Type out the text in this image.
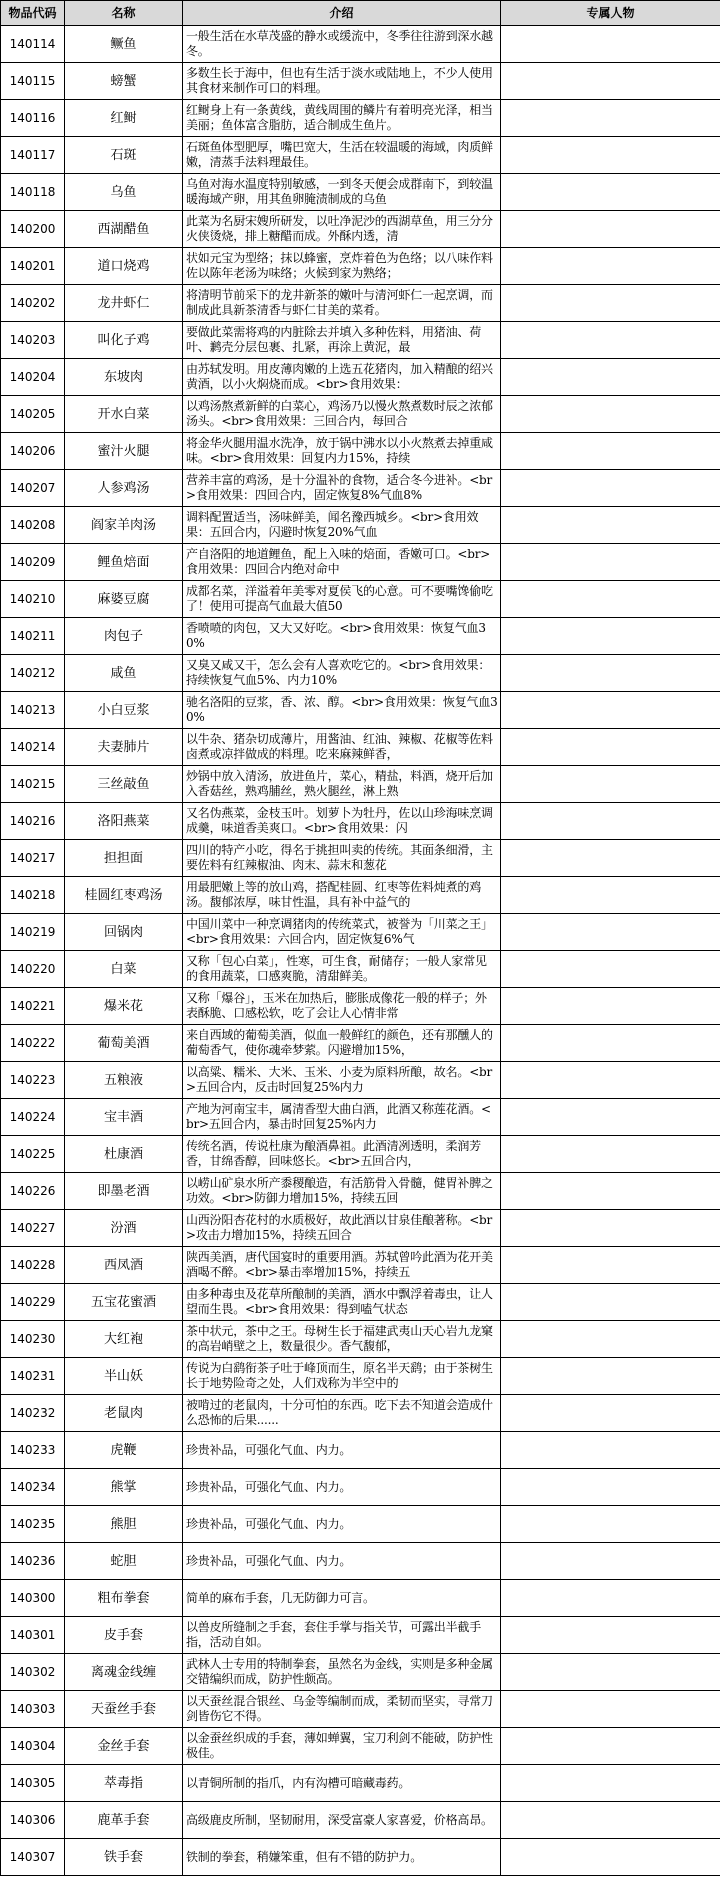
物品代码	名称	介绍	专属人物
140114	鳜鱼	一般生活在水草茂盛的静水或缓流中，冬季往往游到深水越冬。	

140115	螃蟹	多数生长于海中，但也有生活于淡水或陆地上，不少人使用其食材来制作可口的料理。	

140116	红鲥	红鲥身上有一条黄线，黄线周围的鳞片有着明亮光泽，相当美丽；鱼体富含脂肪，适合制成生鱼片。	

140117	石斑	石斑鱼体型肥厚，嘴巴宽大，生活在较温暖的海域，肉质鲜嫩，清蒸手法料理最佳。	

140118	乌鱼	乌鱼对海水温度特别敏感，一到冬天便会成群南下，到较温暖海域产卵，用其鱼卵腌渍制成的乌鱼	

140200	西湖醋鱼	此菜为名厨宋嫂所研发，以吐净泥沙的西湖草鱼，用三分分火侠烫烧，排上糖醋而成。外酥内透，清	

140201	道口烧鸡	状如元宝为型络；抹以蜂蜜，烹炸着色为色络；以八味作料佐以陈年老汤为味络；火候到家为熟络；	

140202	龙井虾仁	将清明节前采下的龙井新茶的嫩叶与清河虾仁一起烹调，而制成此具新茶清香与虾仁甘美的菜肴。	

140203	叫化子鸡	要做此菜需将鸡的内脏除去并填入多种佐料，用猪油、荷叶、鹣壳分层包裹、扎紧，再涂上黄泥，最	

140204	东坡肉	由苏轼发明。用皮薄肉嫩的上选五花猪肉，加入精酿的绍兴黄酒，以小火焖烧而成。<br>食用效果：	

140205	开水白菜	以鸡汤熬煮新鲜的白菜心，鸡汤乃以慢火熬煮数时辰之浓郁汤头。<br>食用效果：三回合内，每回合	

140206	蜜汁火腿	将金华火腿用温水洗净，放于锅中沸水以小火熬煮去掉重咸味。<br>食用效果：回复内力15%，持续	

140207	人参鸡汤	营养丰富的鸡汤，是十分温补的食物，适合冬今进补。<br>食用效果：四回合内，固定恢复8%气血8%	

140208	阎家羊肉汤	调料配置适当，汤味鲜美，闻名豫西城乡。<br>食用效果：五回合内，闪避时恢复20%气血	

140209	鲤鱼焙面	产自洛阳的地道鲤鱼，配上入味的焙面，香嫩可口。<br>食用效果：四回合内绝对命中	

140210	麻婆豆腐	成都名菜，洋溢着年美零对夏侯飞的心意。可不要嘴馋偷吃了！使用可提高气血最大值50	

140211	肉包子	香喷喷的肉包，又大又好吃。<br>食用效果：恢复气血30%	

140212	咸鱼	又臭又咸又干，怎么会有人喜欢吃它的。<br>食用效果：持续恢复气血5%、内力10%	

140213	小白豆浆	驰名洛阳的豆浆，香、浓、醇。<br>食用效果：恢复气血30%	

140214	夫妻肺片	以牛杂、猪杂切成薄片，用酱油、红油、辣椒、花椒等佐料卤煮或凉拌做成的料理。吃来麻辣鲜香，	

140215	三丝敲鱼	炒锅中放入清汤，放进鱼片，菜心，精盐，料酒，烧开后加入香菇丝，熟鸡脯丝，熟火腿丝，淋上熟	

140216	洛阳燕菜	又名伪燕菜，金枝玉叶。划萝卜为牡丹，佐以山珍海味烹调成羹，味道香美爽口。<br>食用效果：闪	

140217	担担面	四川的特产小吃，得名于挑担叫卖的传统。其面条细滑，主要佐料有红辣椒油、肉末、蒜末和葱花	

140218	桂圆红枣鸡汤	用最肥嫩上等的放山鸡，搭配桂圆、红枣等佐料炖煮的鸡汤。馥郁浓厚，味甘性温，具有补中益气的	

140219	回锅肉	中国川菜中一种烹调猪肉的传统菜式，被誉为「川菜之王」<br>食用效果：六回合内，固定恢复6%气	

140220	白菜	又称「包心白菜」，性寒，可生食，耐储存；一般人家常见的食用蔬菜，口感爽脆，清甜鲜美。	

140221	爆米花	又称「爆谷」，玉米在加热后，膨胀成像花一般的样子；外表酥脆、口感松软，吃了会让人心情非常	

140222	葡萄美酒	来自西域的葡萄美酒，似血一般鲜红的颜色，还有那醺人的葡萄香气，使你魂牵梦萦。闪避增加15%，	

140223	五粮液	以高粱、糯米、大米、玉米、小麦为原料所酿，故名。<br>五回合内，反击时回复25%内力	

140224	宝丰酒	产地为河南宝丰，属清香型大曲白酒，此酒又称莲花酒。<br>五回合内，暴击时回复25%内力	

140225	杜康酒	传统名酒，传说杜康为酿酒鼻祖。此酒清冽透明，柔润芳香，甘绵香醇，回味悠长。<br>五回合内，	

140226	即墨老酒	以崂山矿泉水所产黍稷酿造，有活筋骨入骨髓，健胃补脾之功效。<br>防御力增加15%，持续五回	

140227	汾酒	山西汾阳杏花村的水质极好，故此酒以甘泉佳酿著称。<br>攻击力增加15%，持续五回合	

140228	西凤酒	陕西美酒，唐代国宴时的重要用酒。苏轼曾吟此酒为花开美酒喝不醉。<br>暴击率增加15%，持续五	

140229	五宝花蜜酒	由多种毒虫及花草所酿制的美酒，酒水中飘浮着毒虫，让人望而生畏。<br>食用效果：得到嗑气状态	

140230	大红袍	茶中状元，茶中之王。母树生长于福建武夷山天心岩九龙窠的高岩峭壁之上，数量很少。香气馥郁，	

140231	半山妖	传说为白鹞衔茶子吐于峰顶而生，原名半天鹞；由于茶树生长于地势险奇之处，人们戏称为半空中的	

140232	老鼠肉	被啃过的老鼠肉，十分可怕的东西。吃下去不知道会造成什么恐怖的后果......	

140233	虎鞭	珍贵补品，可强化气血、内力。	

140234	熊掌	珍贵补品，可强化气血、内力。	

140235	熊胆	珍贵补品，可强化气血、内力。	

140236	蛇胆	珍贵补品，可强化气血、内力。	

140300	粗布拳套	简单的麻布手套，几无防御力可言。	

140301	皮手套	以兽皮所缝制之手套，套住手掌与指关节，可露出半截手指，活动自如。	

140302	离魂金线缠	武林人士专用的特制拳套，虽然名为金线，实则是多种金属交错编织而成，防护性颇高。	

140303	天蚕丝手套	以天蚕丝混合银丝、乌金等编制而成，柔韧而坚实，寻常刀剑皆伤它不得。	

140304	金丝手套	以金蚕丝织成的手套，薄如蝉翼，宝刀利剑不能破，防护性极佳。	

140305	萃毒指	以青铜所制的指爪，内有沟槽可暗藏毒药。	

140306	鹿革手套	高级鹿皮所制，坚韧耐用，深受富豪人家喜爱，价格高昂。	

140307	铁手套	铁制的拳套，稍嫌笨重，但有不错的防护力。	
